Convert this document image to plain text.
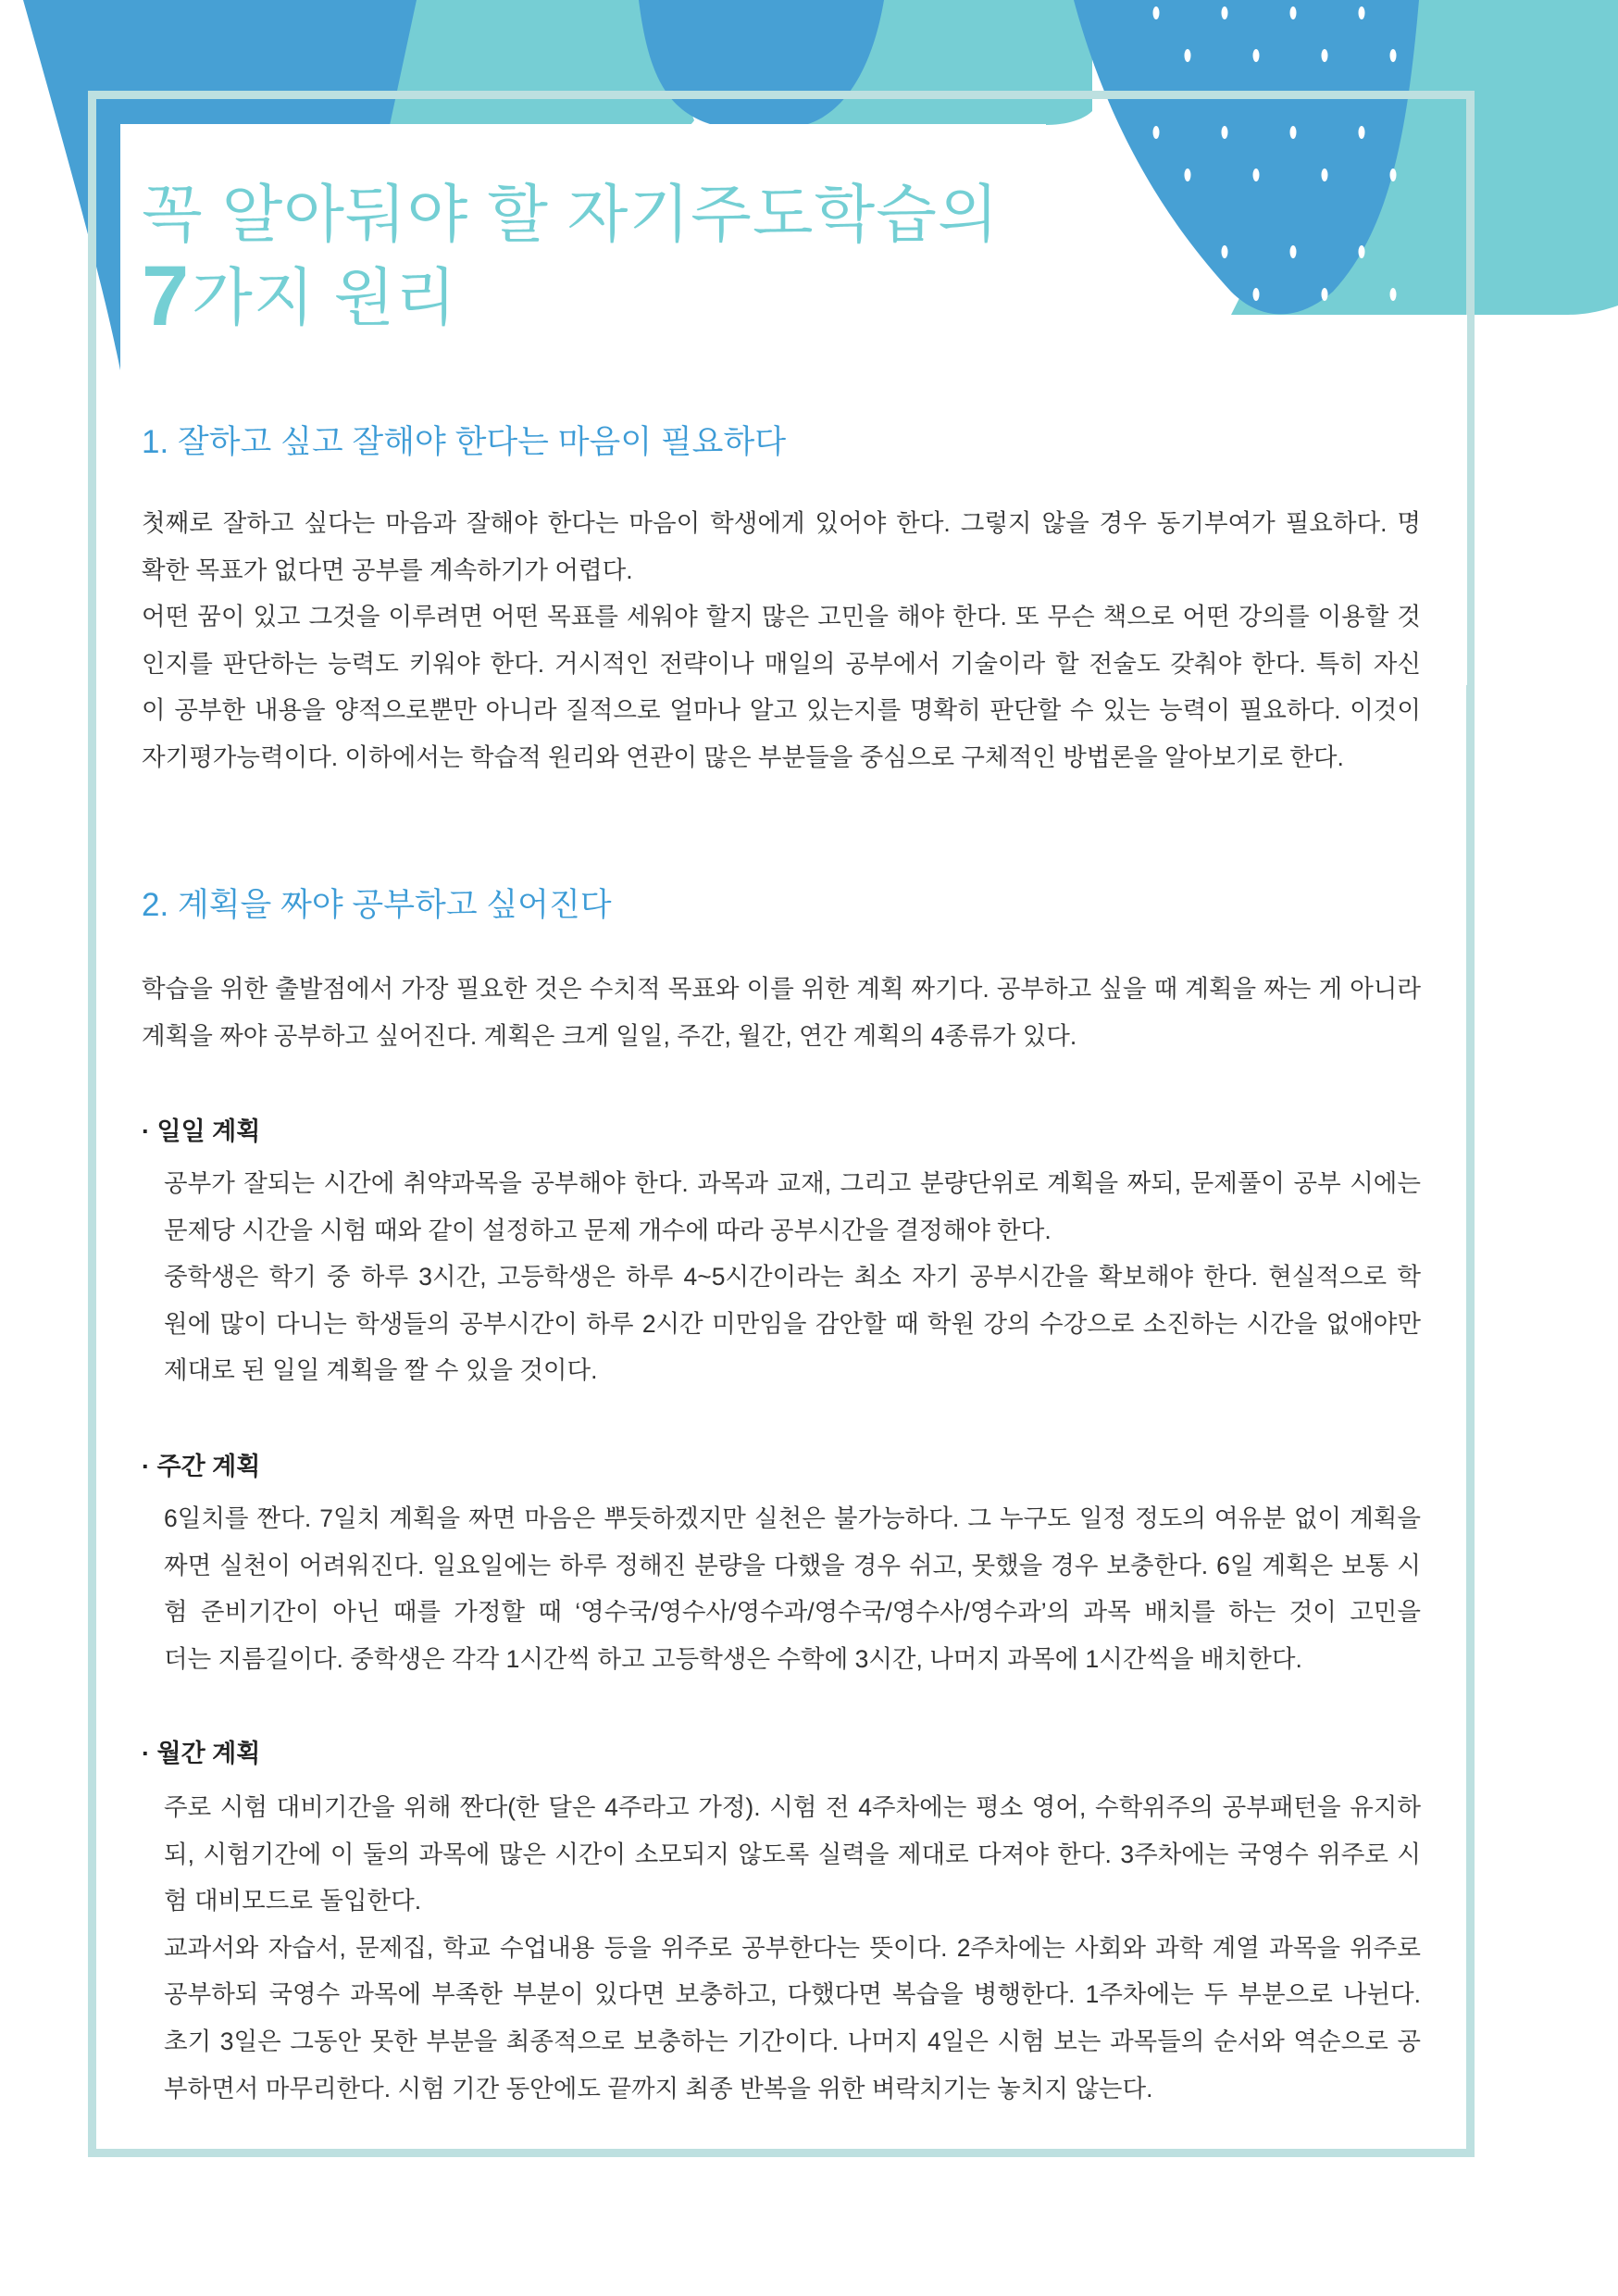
꼭 알아둬야 할 자기주도학습의
7가지 원리
1. 잘하고 싶고 잘해야 한다는 마음이 필요하다
첫째로 잘하고 싶다는 마음과 잘해야 한다는 마음이 학생에게 있어야 한다. 그렇지 않을 경우 동기부여가 필요하다. 명
확한 목표가 없다면 공부를 계속하기가 어렵다.
어떤 꿈이 있고 그것을 이루려면 어떤 목표를 세워야 할지 많은 고민을 해야 한다. 또 무슨 책으로 어떤 강의를 이용할 것
인지를 판단하는 능력도 키워야 한다. 거시적인 전략이나 매일의 공부에서 기술이라 할 전술도 갖춰야 한다. 특히 자신
이 공부한 내용을 양적으로뿐만 아니라 질적으로 얼마나 알고 있는지를 명확히 판단할 수 있는 능력이 필요하다. 이것이
자기평가능력이다. 이하에서는 학습적 원리와 연관이 많은 부분들을 중심으로 구체적인 방법론을 알아보기로 한다.
2. 계획을 짜야 공부하고 싶어진다
학습을 위한 출발점에서 가장 필요한 것은 수치적 목표와 이를 위한 계획 짜기다. 공부하고 싶을 때 계획을 짜는 게 아니라
계획을 짜야 공부하고 싶어진다. 계획은 크게 일일, 주간, 월간, 연간 계획의 4종류가 있다.
· 일일 계획
공부가 잘되는 시간에 취약과목을 공부해야 한다. 과목과 교재, 그리고 분량단위로 계획을 짜되, 문제풀이 공부 시에는
문제당 시간을 시험 때와 같이 설정하고 문제 개수에 따라 공부시간을 결정해야 한다.
중학생은 학기 중 하루 3시간, 고등학생은 하루 4~5시간이라는 최소 자기 공부시간을 확보해야 한다. 현실적으로 학
원에 많이 다니는 학생들의 공부시간이 하루 2시간 미만임을 감안할 때 학원 강의 수강으로 소진하는 시간을 없애야만
제대로 된 일일 계획을 짤 수 있을 것이다.
· 주간 계획
6일치를 짠다. 7일치 계획을 짜면 마음은 뿌듯하겠지만 실천은 불가능하다. 그 누구도 일정 정도의 여유분 없이 계획을
짜면 실천이 어려워진다. 일요일에는 하루 정해진 분량을 다했을 경우 쉬고, 못했을 경우 보충한다. 6일 계획은 보통 시
험 준비기간이 아닌 때를 가정할 때 ‘영수국/영수사/영수과/영수국/영수사/영수과’의 과목 배치를 하는 것이 고민을
더는 지름길이다. 중학생은 각각 1시간씩 하고 고등학생은 수학에 3시간, 나머지 과목에 1시간씩을 배치한다.
· 월간 계획
주로 시험 대비기간을 위해 짠다(한 달은 4주라고 가정). 시험 전 4주차에는 평소 영어, 수학위주의 공부패턴을 유지하
되, 시험기간에 이 둘의 과목에 많은 시간이 소모되지 않도록 실력을 제대로 다져야 한다. 3주차에는 국영수 위주로 시
험 대비모드로 돌입한다.
교과서와 자습서, 문제집, 학교 수업내용 등을 위주로 공부한다는 뜻이다. 2주차에는 사회와 과학 계열 과목을 위주로
공부하되 국영수 과목에 부족한 부분이 있다면 보충하고, 다했다면 복습을 병행한다. 1주차에는 두 부분으로 나뉜다.
초기 3일은 그동안 못한 부분을 최종적으로 보충하는 기간이다. 나머지 4일은 시험 보는 과목들의 순서와 역순으로 공
부하면서 마무리한다. 시험 기간 동안에도 끝까지 최종 반복을 위한 벼락치기는 놓치지 않는다.
